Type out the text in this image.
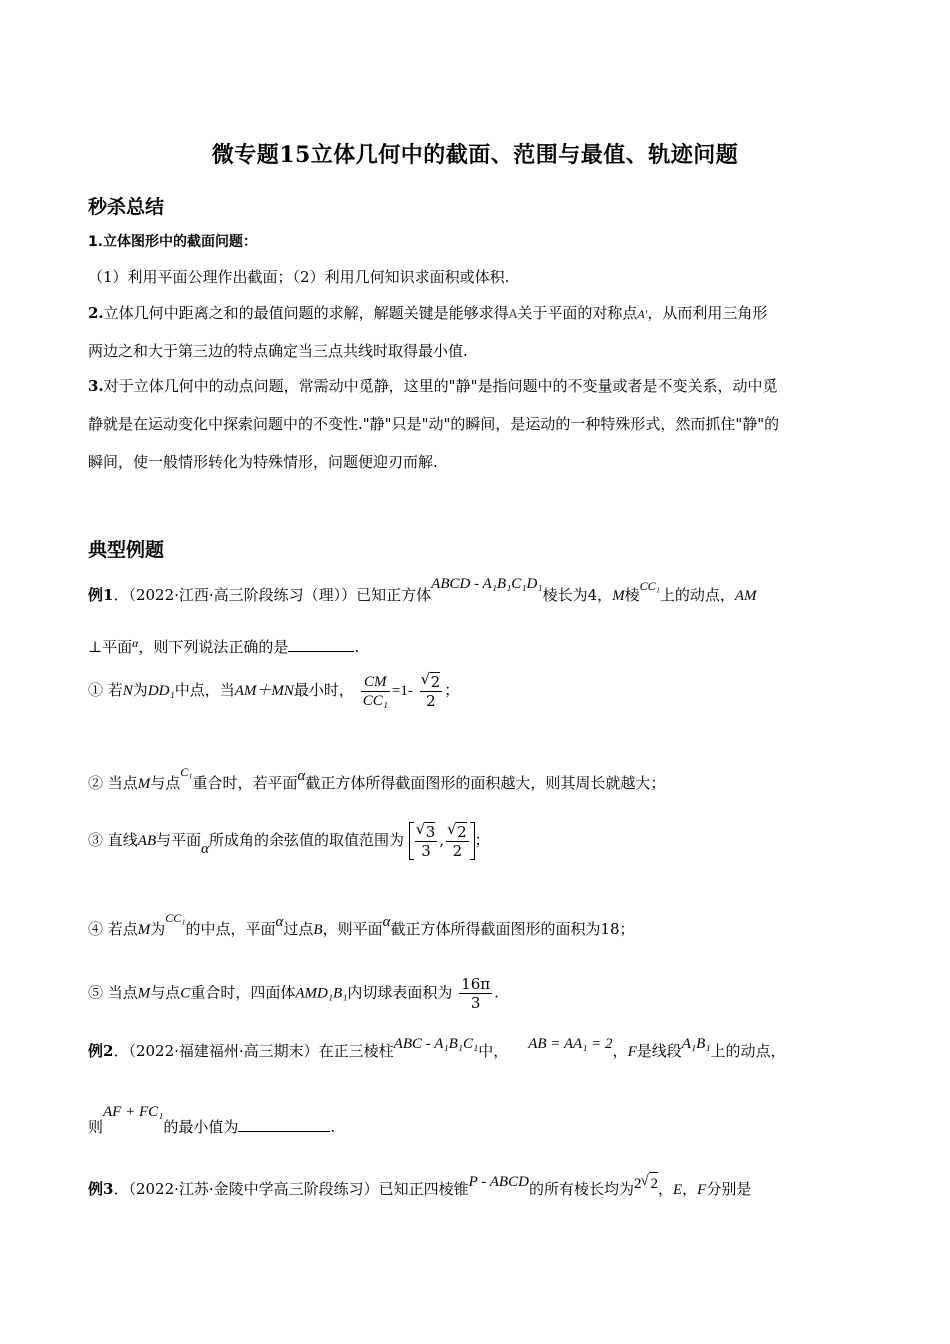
微专题15立体几何中的截面、范围与最值、轨迹问题
秒杀总结
1.立体图形中的截面问题：
（1）利用平面公理作出截面；（2）利用几何知识求面积或体积.
2.立体几何中距离之和的最值问题的求解，解题关键是能够求得A关于平面的对称点A′，从而利用三角形
两边之和大于第三边的特点确定当三点共线时取得最小值.
3.对于立体几何中的动点问题，常需动中觅静，这里的"静"是指问题中的不变量或者是不变关系，动中觅
静就是在运动变化中探索问题中的不变性."静"只是"动"的瞬间，是运动的一种特殊形式，然而抓住"静"的
瞬间，使一般情形转化为特殊情形，问题便迎刃而解.
典型例题
例1．（2022·江西·高三阶段练习（理））已知正方体ABCD - A₁B₁C₁D₁棱长为4，M棱$^{CC_1}$上的动点，AM
⊥平面$^\alpha$，则下列说法正确的是	.
① 若N为DD₁中点，当AM＋MN最小时， $\frac{CM}{\text{CC₁}} =1-$ √ $\frac{2}{2}$ ；
② 当点M与点$^{C_1}$重合时，若平面α截正方体所得截面图形的面积越大，则其周长就越大；
③ 直线AB与平面α所成角的余弦值的取值范围为 √ $\frac{3}{3}$ , √ $\frac{2}{2}$ ；
④ 若点M为$^{CC_1}$的中点，平面α过点B，则平面α截正方体所得截面图形的面积为18；
⑤ 当点M与点C重合时，四面体AMD₁B₁内切球表面积为 $\frac{16\pi}{3}$ .
例2．（2022·福建福州·高三期末）在正三棱柱ABC - A₁B₁C₁中， AB = AA₁ = 2，F是线段A₁B₁上的动点，
则AF + FC₁的最小值为	.
例3．（2022·江苏·金陵中学高三阶段练习）已知正四棱锥P - ABCD的所有棱长均为2 √ 2，E，F分别是
